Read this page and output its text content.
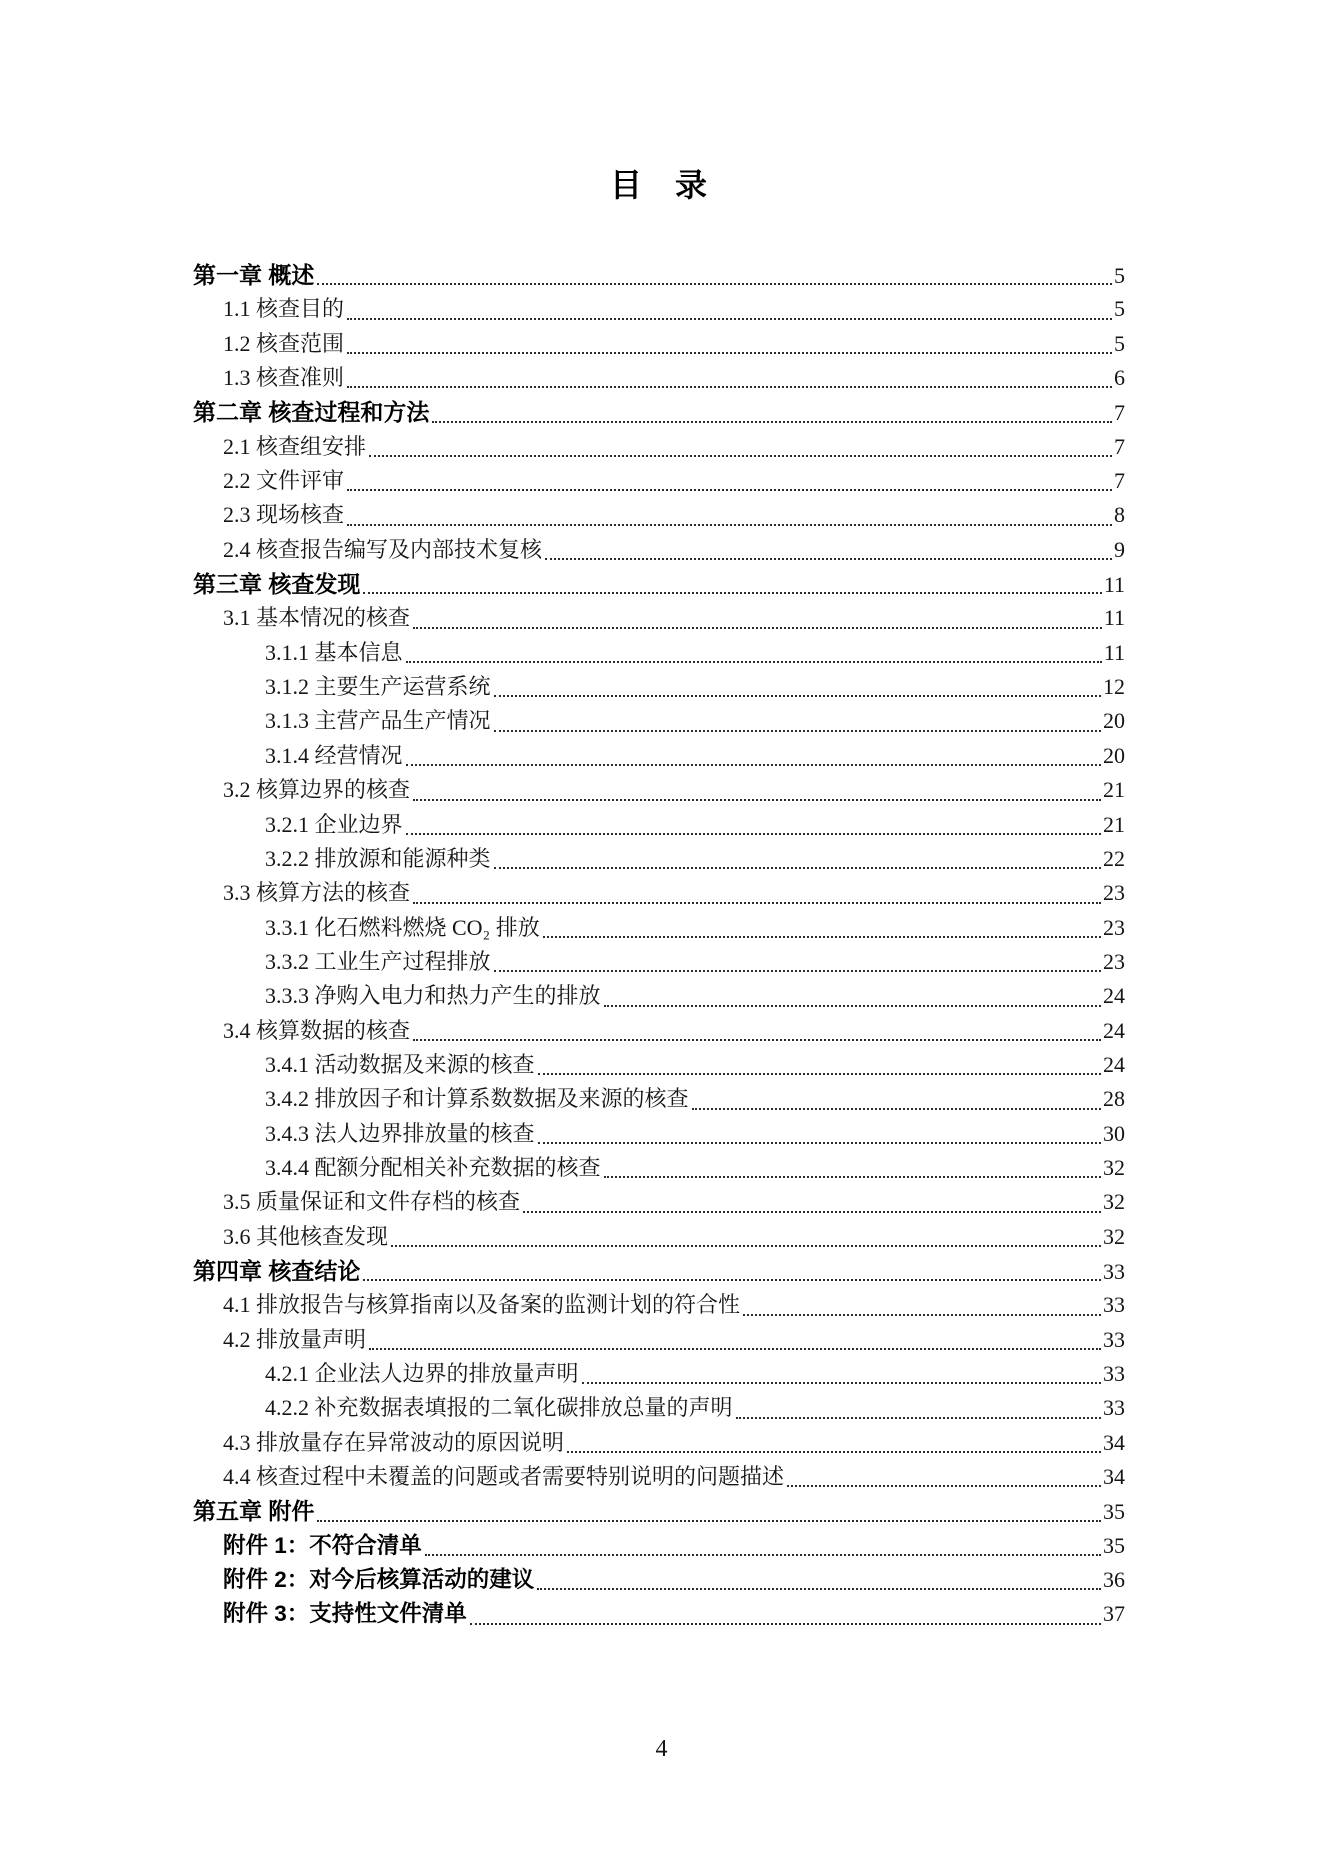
目 录
第一章 概述	5
1.1 核查目的	5
1.2 核查范围	5
1.3 核查准则	6
第二章 核查过程和方法	7
2.1 核查组安排	7
2.2 文件评审	7
2.3 现场核查	8
2.4 核查报告编写及内部技术复核	9
第三章 核查发现	11
3.1 基本情况的核查	11
3.1.1 基本信息	11
3.1.2 主要生产运营系统	12
3.1.3 主营产品生产情况	20
3.1.4 经营情况	20
3.2 核算边界的核查	21
3.2.1 企业边界	21
3.2.2 排放源和能源种类	22
3.3 核算方法的核查	23
3.3.1 化石燃料燃烧 CO₂ 排放	23
3.3.2 工业生产过程排放	23
3.3.3 净购入电力和热力产生的排放	24
3.4 核算数据的核查	24
3.4.1 活动数据及来源的核查	24
3.4.2 排放因子和计算系数数据及来源的核查	28
3.4.3 法人边界排放量的核查	30
3.4.4 配额分配相关补充数据的核查	32
3.5 质量保证和文件存档的核查	32
3.6 其他核查发现	32
第四章 核查结论	33
4.1 排放报告与核算指南以及备案的监测计划的符合性	33
4.2 排放量声明	33
4.2.1 企业法人边界的排放量声明	33
4.2.2 补充数据表填报的二氧化碳排放总量的声明	33
4.3 排放量存在异常波动的原因说明	34
4.4 核查过程中未覆盖的问题或者需要特别说明的问题描述	34
第五章 附件	35
附件 1：不符合清单	35
附件 2：对今后核算活动的建议	36
附件 3：支持性文件清单	37
4
